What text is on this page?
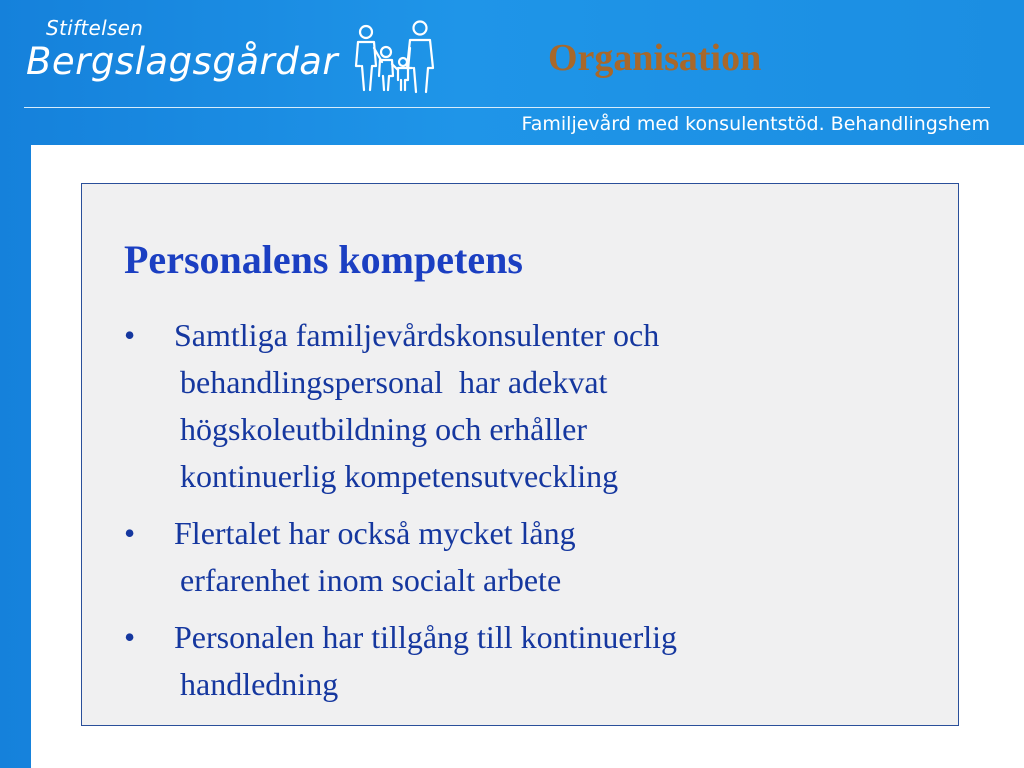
Stiftelsen
Bergslagsgårdar	Organisation
Familjevård med konsulentstöd. Behandlingshem
Personalens kompetens
• Samtliga familjevårdskonsulenter och
behandlingspersonal  har adekvat
högskoleutbildning och erhåller
kontinuerlig kompetensutveckling
• Flertalet har också mycket lång
erfarenhet inom socialt arbete
• Personalen har tillgång till kontinuerlig
handledning
